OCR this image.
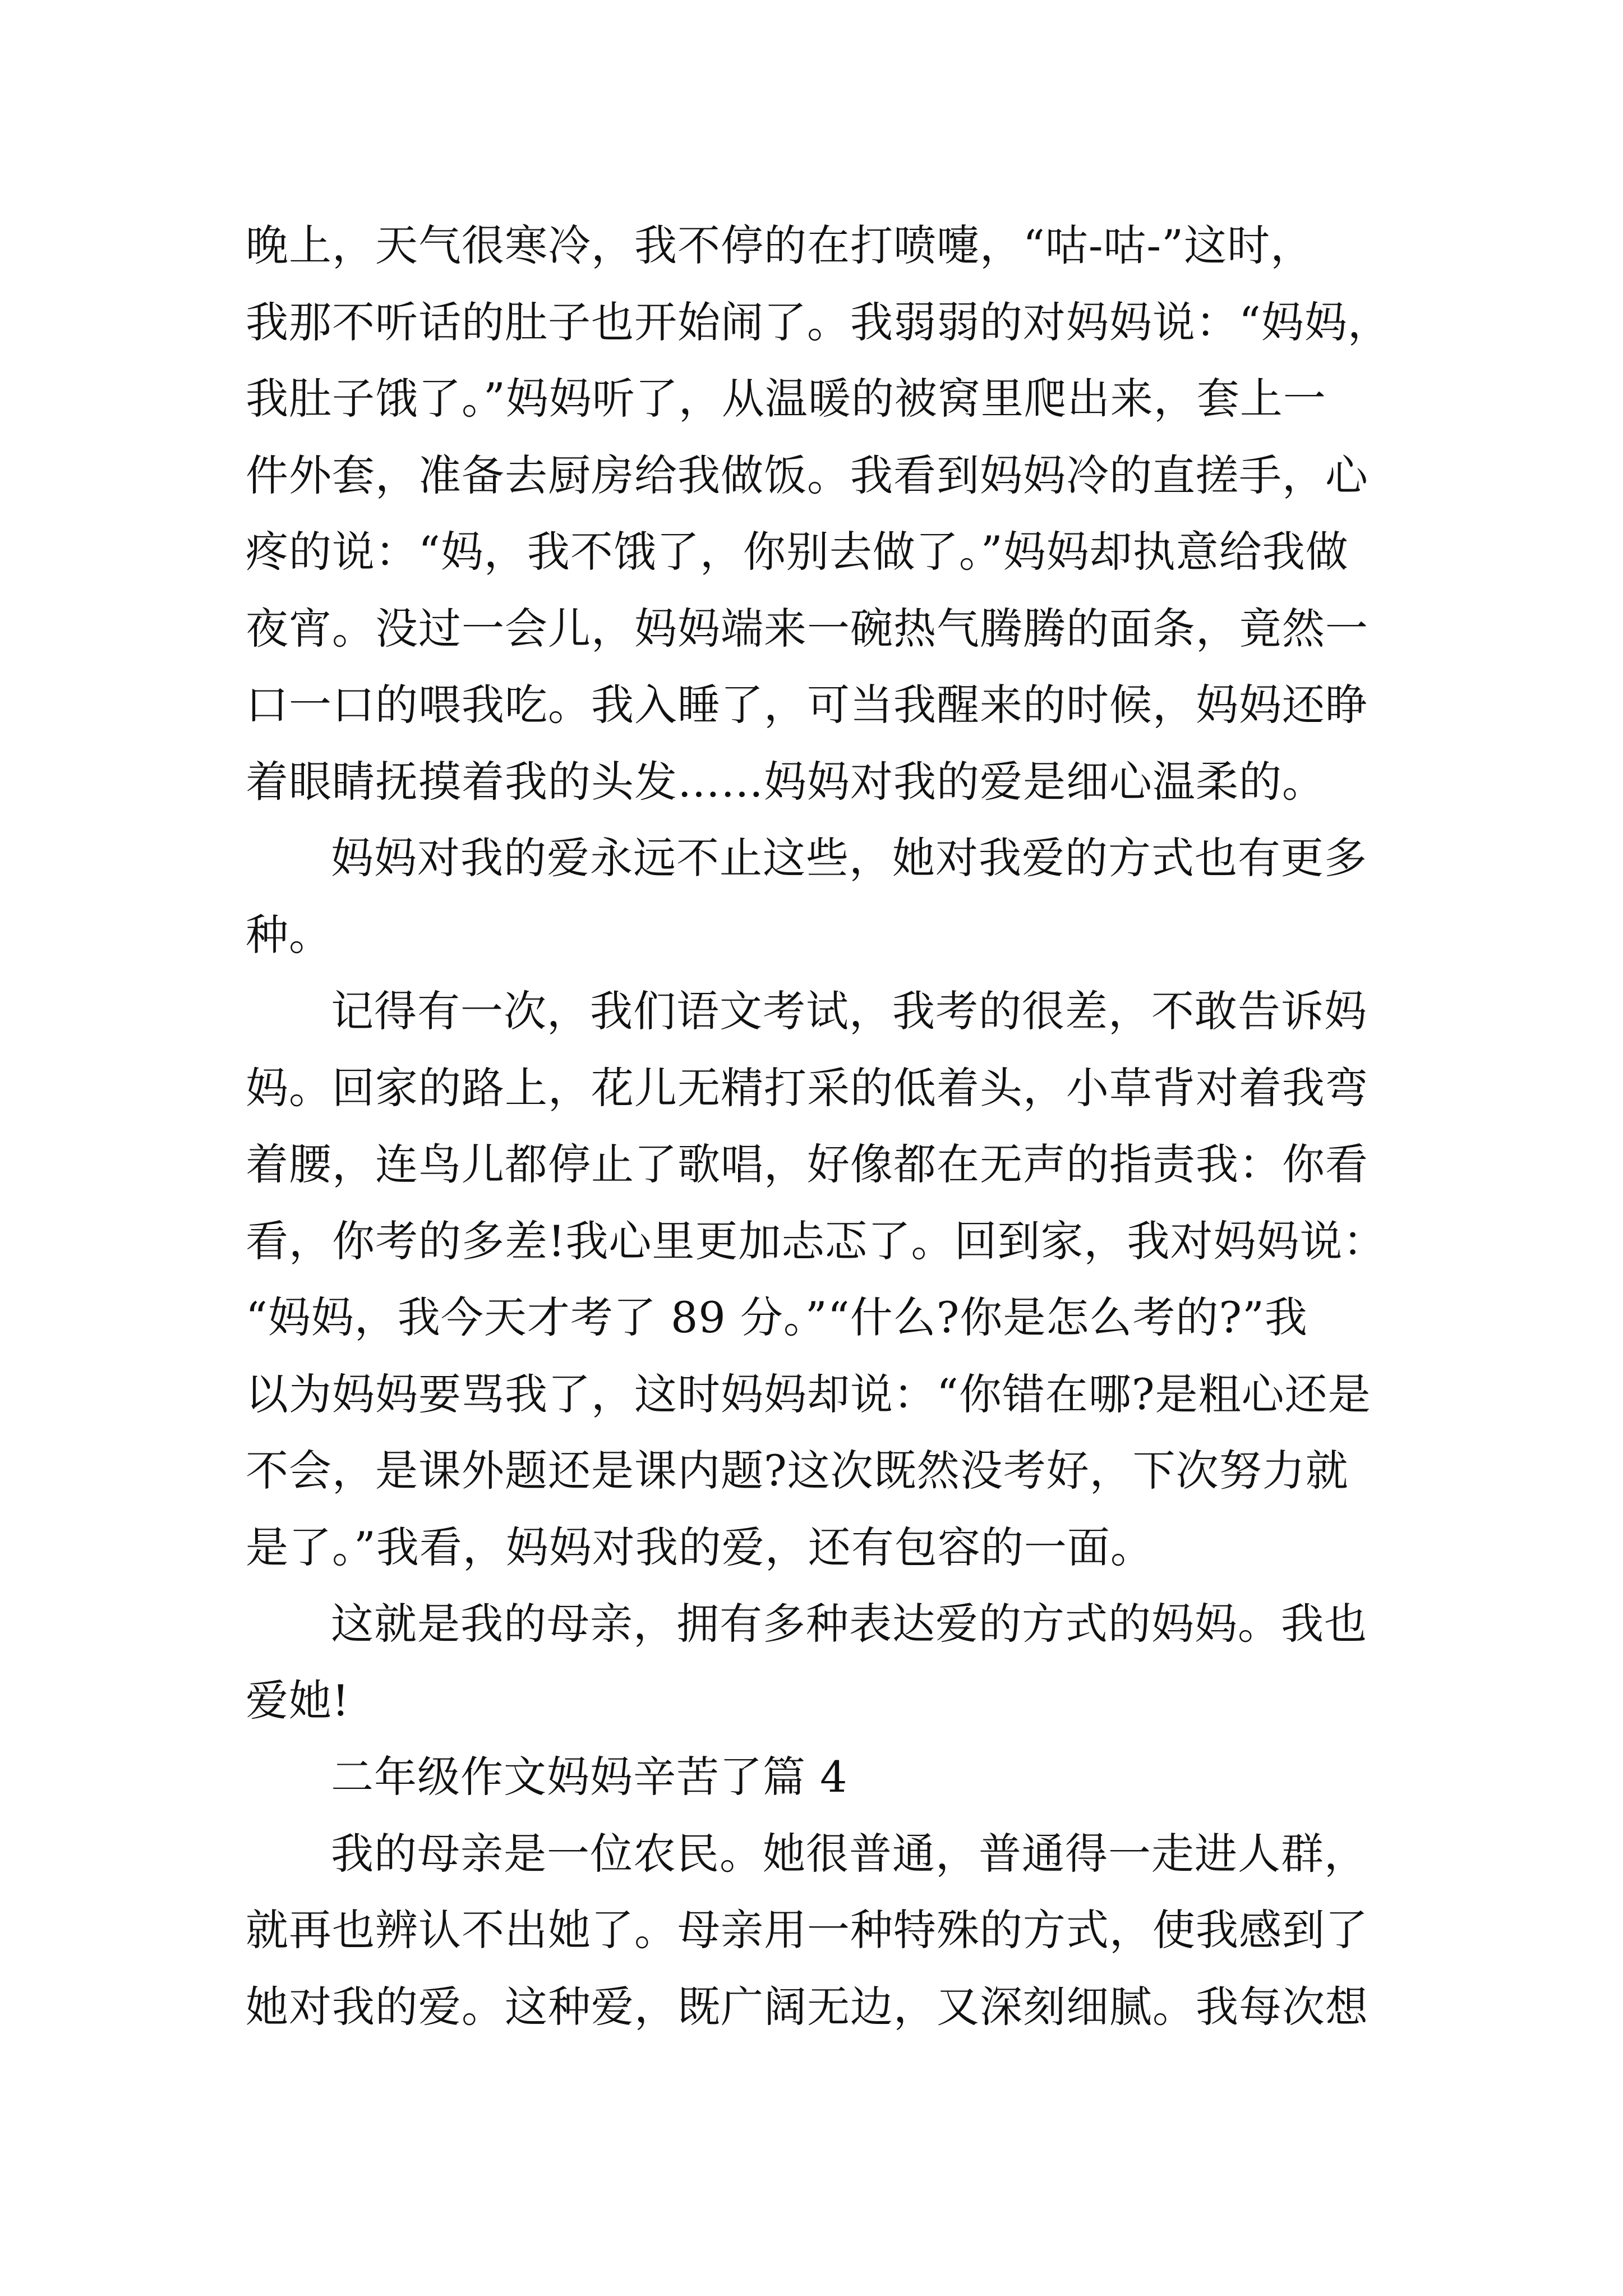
晚上，天气很寒冷，我不停的在打喷嚏，“咕-咕-”这时，
我那不听话的肚子也开始闹了。我弱弱的对妈妈说：“妈妈，
我肚子饿了。”妈妈听了，从温暖的被窝里爬出来，套上一
件外套，准备去厨房给我做饭。我看到妈妈冷的直搓手，心
疼的说：“妈，我不饿了，你别去做了。”妈妈却执意给我做
夜宵。没过一会儿，妈妈端来一碗热气腾腾的面条，竟然一
口一口的喂我吃。我入睡了，可当我醒来的时候，妈妈还睁
着眼睛抚摸着我的头发……妈妈对我的爱是细心温柔的。
妈妈对我的爱永远不止这些，她对我爱的方式也有更多
种。
记得有一次，我们语文考试，我考的很差，不敢告诉妈
妈。回家的路上，花儿无精打采的低着头，小草背对着我弯
着腰，连鸟儿都停止了歌唱，好像都在无声的指责我：你看
看，你考的多差!我心里更加忐忑了。回到家，我对妈妈说：
“妈妈，我今天才考了 89 分。”“什么?你是怎么考的?”我
以为妈妈要骂我了，这时妈妈却说：“你错在哪?是粗心还是
不会，是课外题还是课内题?这次既然没考好，下次努力就
是了。”我看，妈妈对我的爱，还有包容的一面。
这就是我的母亲，拥有多种表达爱的方式的妈妈。我也
爱她!
二年级作文妈妈辛苦了篇 4
我的母亲是一位农民。她很普通，普通得一走进人群，
就再也辨认不出她了。母亲用一种特殊的方式，使我感到了
她对我的爱。这种爱，既广阔无边，又深刻细腻。我每次想
